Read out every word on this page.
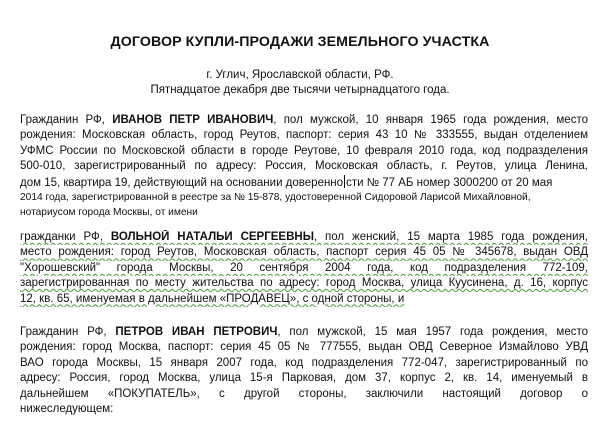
ДОГОВОР КУПЛИ-ПРОДАЖИ ЗЕМЕЛЬНОГО УЧАСТКА
г. Углич, Ярославской области, РФ.
Пятнадцатое декабря две тысячи четырнадцатого года.
Гражданин РФ, ИВАНОВ ПЕТР ИВАНОВИЧ, пол мужской, 10 января 1965 года рождения, место
рождения: Московская область, город Реутов, паспорт: серия 43 10 № 333555, выдан отделением
УФМС России по Московской области в городе Реутове, 10 февраля 2010 года, код подразделения
500-010, зарегистрированный по адресу: Россия, Московская область, г. Реутов, улица Ленина,
дом 15, квартира 19, действующий на основании доверенно сти № 77 АБ номер 3000200 от 20 мая
2014 года, зарегистрированной в реестре за № 15-878, удостоверенной Сидоровой Ларисой Михайловной,
нотариусом города Москвы, от имени
гражданки РФ, ВОЛЬНОЙ НАТАЛЬИ СЕРГЕЕВНЫ, пол женский, 15 марта 1985 года рождения,
место рождения: город Реутов, Московская область, паспорт серия 45 05 № 345678, выдан ОВД
"Хорошевский" города Москвы, 20 сентября 2004 года, код подразделения 772-109,
зарегистрированная по месту жительства по адресу: город Москва, улица Куусинена, д. 16, корпус
12, кв. 65, именуемая в дальнейшем «ПРОДАВЕЦ», с одной стороны, и
Гражданин РФ, ПЕТРОВ ИВАН ПЕТРОВИЧ, пол мужской, 15 мая 1957 года рождения, место
рождения: город Москва, паспорт: серия 45 05 № 777555, выдан ОВД Северное Измайлово УВД
ВАО города Москвы, 15 января 2007 года, код подразделения 772-047, зарегистрированный по
адресу: Россия, город Москва, улица 15-я Парковая, дом 37, корпус 2, кв. 14, именуемый в
дальнейшем «ПОКУПАТЕЛЬ», с другой стороны, заключили настоящий договор о
нижеследующем:
